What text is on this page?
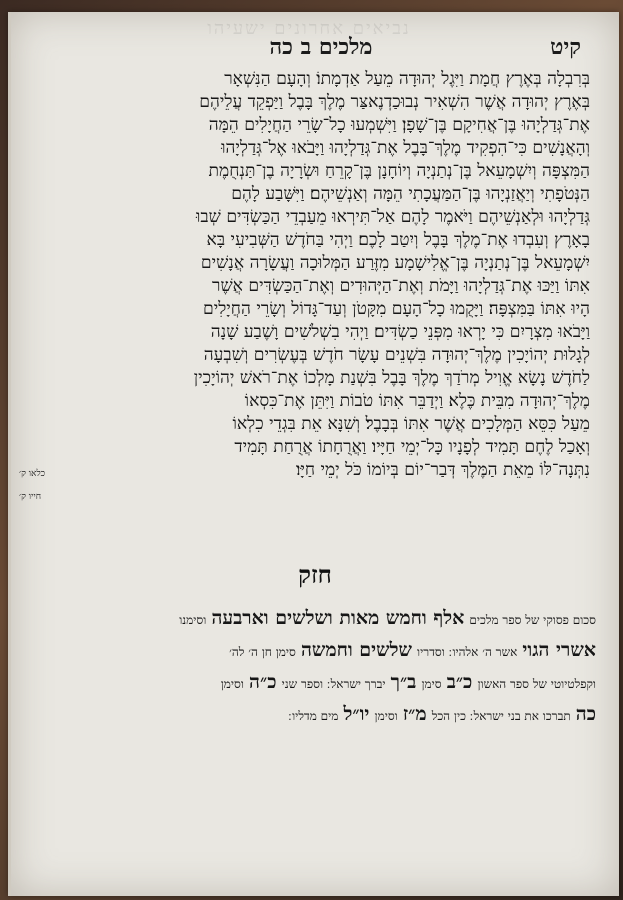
נביאים אחרונים ישעיהו
קיט
מלכים ב כה
בְּרִבְלָה בְּאֶרֶץ חֲמָת וַיִּגֶל יְהוּדָה מֵעַל אַדְמָתוֹ׃ וְהָעָם הַנִּשְׁאָר
בְּאֶרֶץ יְהוּדָה אֲשֶׁר הִשְׁאִיר נְבוּכַדְנֶאצַּר מֶלֶךְ בָּבֶל וַיַּפְקֵד עֲלֵיהֶם
אֶת־גְּדַלְיָהוּ בֶּן־אֲחִיקָם בֶּן־שָׁפָן׃ וַיִּשְׁמְעוּ כָל־שָׂרֵי הַחֲיָלִים הֵמָּה
וְהָאֲנָשִׁים כִּי־הִפְקִיד מֶלֶךְ־בָּבֶל אֶת־גְּדַלְיָהוּ וַיָּבֹאוּ אֶל־גְּדַלְיָהוּ
הַמִּצְפָּה וְיִשְׁמָעֵאל בֶּן־נְתַנְיָה וְיוֹחָנָן בֶּן־קָרֵחַ וּשְׂרָיָה בֶן־תַּנְחֻמֶת
הַנְּטֹפָתִי וְיַאֲזַנְיָהוּ בֶּן־הַמַּעֲכָתִי הֵמָּה וְאַנְשֵׁיהֶם׃ וַיִּשָּׁבַע לָהֶם
גְּדַלְיָהוּ וּלְאַנְשֵׁיהֶם וַיֹּאמֶר לָהֶם אַל־תִּירְאוּ מֵעַבְדֵי הַכַּשְׂדִּים שְׁבוּ
בָאָרֶץ וְעִבְדוּ אֶת־מֶלֶךְ בָּבֶל וְיִטַב לָכֶם׃ וַיְהִי בַּחֹדֶשׁ הַשְּׁבִיעִי בָּא
יִשְׁמָעֵאל בֶּן־נְתַנְיָה בֶּן־אֱלִישָׁמָע מִזֶּרַע הַמְּלוּכָה וַעֲשָׂרָה אֲנָשִׁים
אִתּוֹ וַיַּכּוּ אֶת־גְּדַלְיָהוּ וַיָּמֹת וְאֶת־הַיְּהוּדִים וְאֶת־הַכַּשְׂדִּים אֲשֶׁר
הָיוּ אִתּוֹ בַּמִּצְפָּה׃ וַיָּקֻמוּ כָל־הָעָם מִקָּטֹן וְעַד־גָּדוֹל וְשָׂרֵי הַחֲיָלִים
וַיָּבֹאוּ מִצְרָיִם כִּי יָרְאוּ מִפְּנֵי כַשְׂדִּים׃ וַיְהִי בִשְׁלֹשִׁים וָשֶׁבַע שָׁנָה
לְגָלוּת יְהוֹיָכִין מֶלֶךְ־יְהוּדָה בִּשְׁנֵים עָשָׂר חֹדֶשׁ בְּעֶשְׂרִים וְשִׁבְעָה
לַחֹדֶשׁ נָשָׂא אֱוִיל מְרֹדַךְ מֶלֶךְ בָּבֶל בִּשְׁנַת מָלְכוֹ אֶת־רֹאשׁ יְהוֹיָכִין
מֶלֶךְ־יְהוּדָה מִבֵּית כֶּלֶא׃ וַיְדַבֵּר אִתּוֹ טֹבוֹת וַיִּתֵּן אֶת־כִּסְאוֹ
מֵעַל כִּסֵּא הַמְּלָכִים אֲשֶׁר אִתּוֹ בְּבָבֶל׃ וְשִׁנָּא אֵת בִּגְדֵי כִלְאוֹ
וְאָכַל לֶחֶם תָּמִיד לְפָנָיו כָּל־יְמֵי חַיָּיו׃ וַאֲרֻחָתוֹ אֲרֻחַת תָּמִיד
נִתְּנָה־לּוֹ מֵאֵת הַמֶּלֶךְ דְּבַר־יוֹם בְּיוֹמוֹ כֹּל יְמֵי חַיָּו׃
כלאו ק׳
חייו ק׳
חזק
סכום פסוקי של ספר מלכים אלף וחמש מאות ושלשים וארבעה וסימנו
אשרי הגוי אשר ה׳ אלהיו ׃ וסדריו שלשים וחמשה סימן חן ה׳ לה׳
וקפלטיוטי של ספר האשון כ״ב סימן ב״ך יברך ישראל ׃ וספר שני כ״ה וסימן
כה תברכו את בני ישראל ׃ כין הכל מ״ז וסימן יו״ל מים מדליו ׃
